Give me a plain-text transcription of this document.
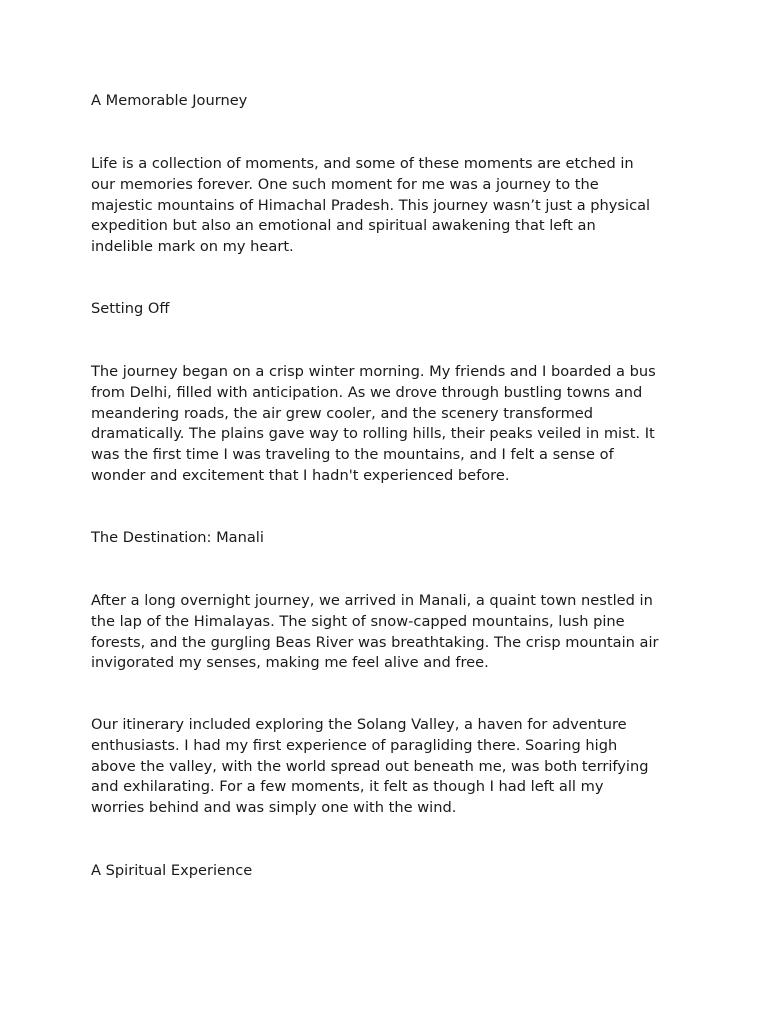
A Memorable Journey
Life is a collection of moments, and some of these moments are etched in
our memories forever. One such moment for me was a journey to the
majestic mountains of Himachal Pradesh. This journey wasn’t just a physical
expedition but also an emotional and spiritual awakening that left an
indelible mark on my heart.
Setting Off
The journey began on a crisp winter morning. My friends and I boarded a bus
from Delhi, filled with anticipation. As we drove through bustling towns and
meandering roads, the air grew cooler, and the scenery transformed
dramatically. The plains gave way to rolling hills, their peaks veiled in mist. It
was the first time I was traveling to the mountains, and I felt a sense of
wonder and excitement that I hadn't experienced before.
The Destination: Manali
After a long overnight journey, we arrived in Manali, a quaint town nestled in
the lap of the Himalayas. The sight of snow-capped mountains, lush pine
forests, and the gurgling Beas River was breathtaking. The crisp mountain air
invigorated my senses, making me feel alive and free.
Our itinerary included exploring the Solang Valley, a haven for adventure
enthusiasts. I had my first experience of paragliding there. Soaring high
above the valley, with the world spread out beneath me, was both terrifying
and exhilarating. For a few moments, it felt as though I had left all my
worries behind and was simply one with the wind.
A Spiritual Experience
